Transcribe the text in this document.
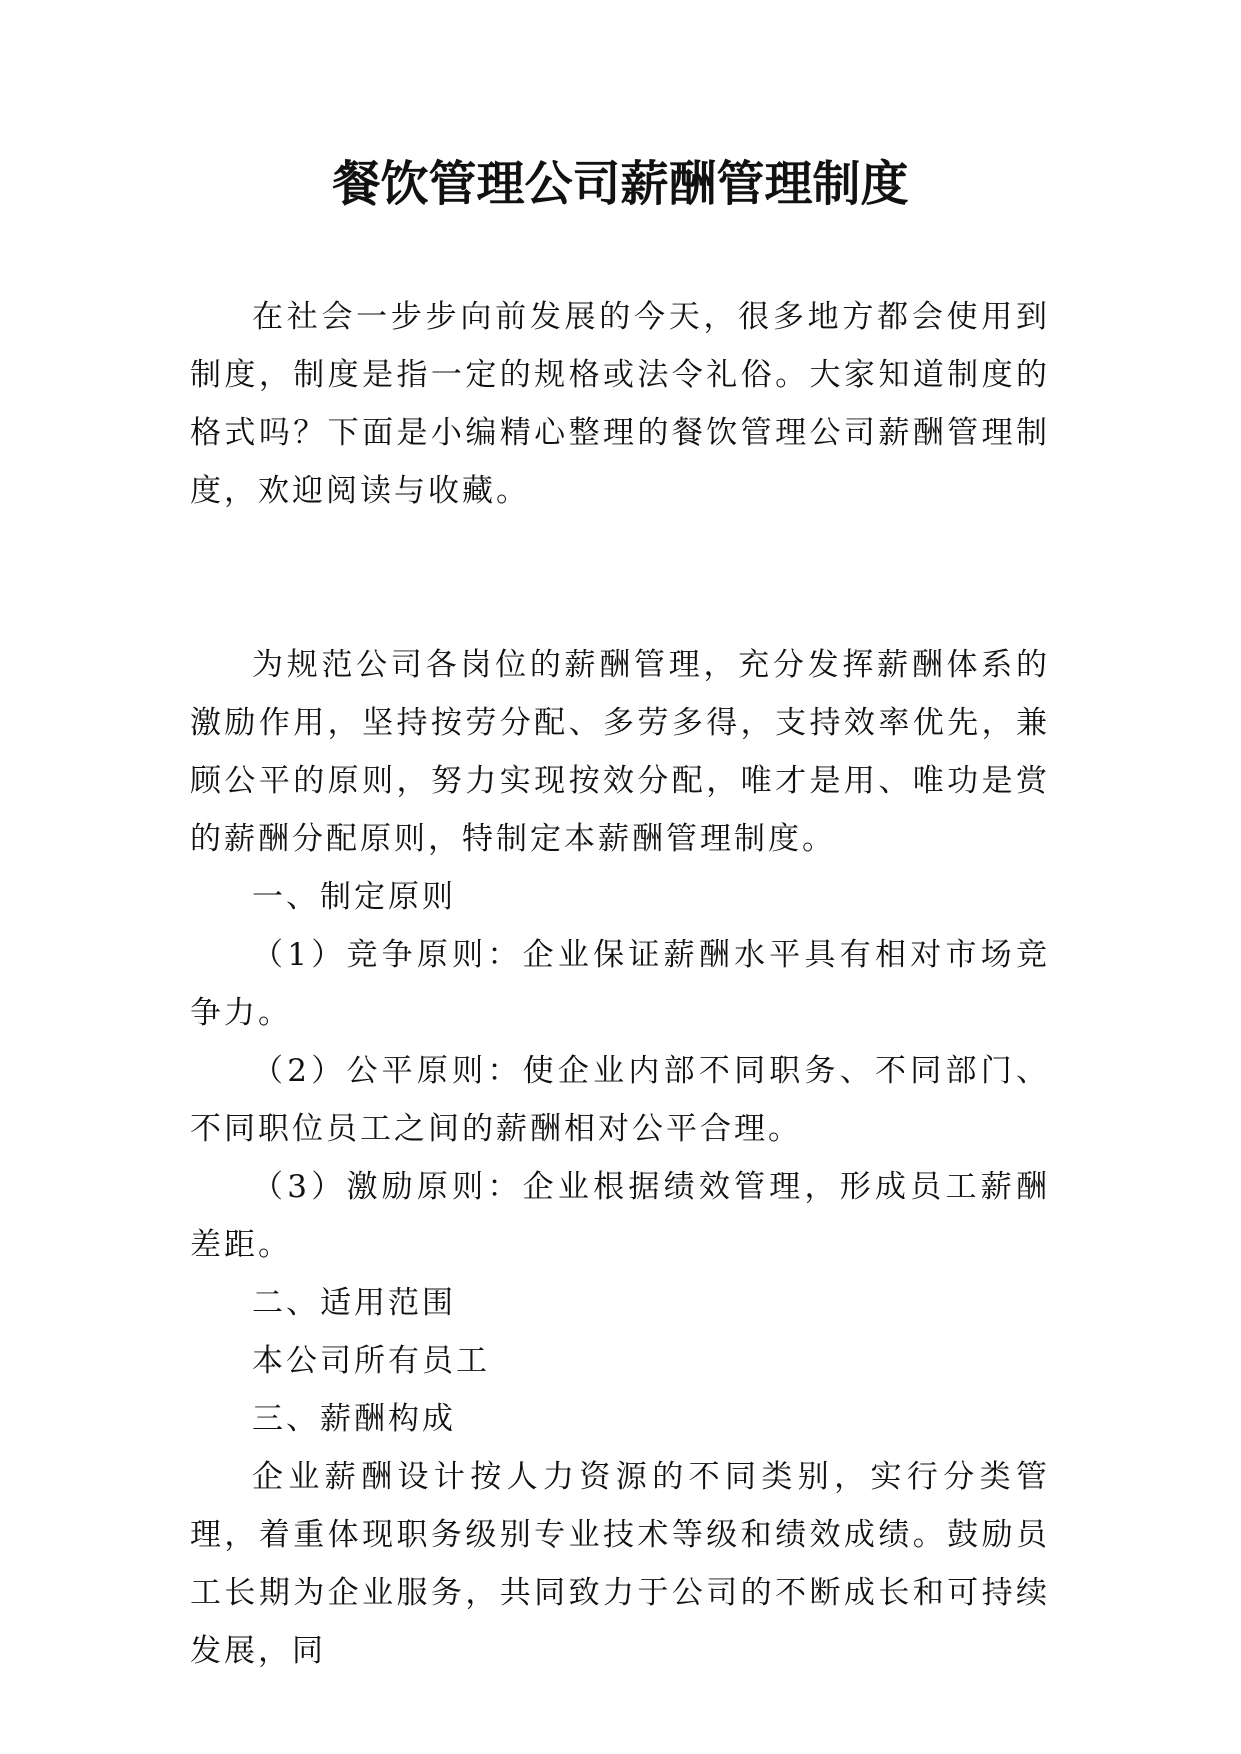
餐饮管理公司薪酬管理制度

在社会一步步向前发展的今天，很多地方都会使用到制度，制度是指一定的规格或法令礼俗。大家知道制度的格式吗？下面是小编精心整理的餐饮管理公司薪酬管理制度，欢迎阅读与收藏。

为规范公司各岗位的薪酬管理，充分发挥薪酬体系的激励作用，坚持按劳分配、多劳多得，支持效率优先，兼顾公平的原则，努力实现按效分配，唯才是用、唯功是赏的薪酬分配原则，特制定本薪酬管理制度。

一、制定原则

（1）竞争原则：企业保证薪酬水平具有相对市场竞争力。

（2）公平原则：使企业内部不同职务、不同部门、不同职位员工之间的薪酬相对公平合理。

（3）激励原则：企业根据绩效管理，形成员工薪酬差距。

二、适用范围

本公司所有员工

三、薪酬构成

企业薪酬设计按人力资源的不同类别，实行分类管理，着重体现职务级别专业技术等级和绩效成绩。鼓励员工长期为企业服务，共同致力于公司的不断成长和可持续发展，同
